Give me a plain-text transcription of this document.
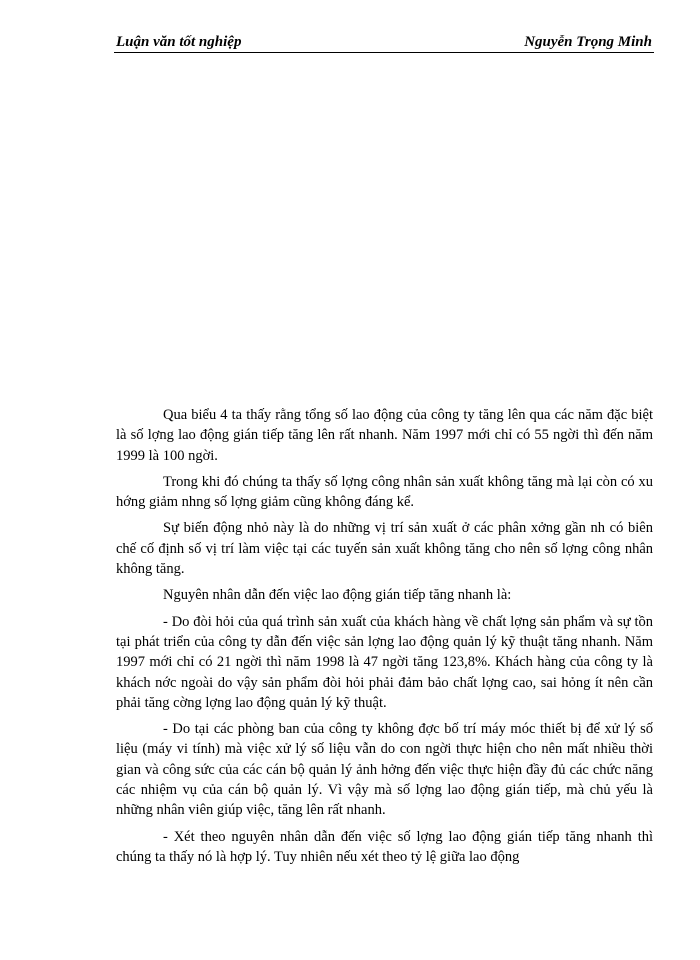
Luận văn tốt nghiệp	Nguyễn Trọng Minh

Qua biểu 4 ta thấy rằng tổng số lao động của công ty tăng lên qua các năm đặc biệt là số lợng lao động gián tiếp tăng lên rất nhanh. Năm 1997 mới chỉ có 55 ngời thì đến năm 1999 là 100 ngời.

Trong khi đó chúng ta thấy số lợng công nhân sản xuất không tăng mà lại còn có xu hớng giảm nhng số lợng giảm cũng không đáng kể.

Sự biến động nhỏ này là do những vị trí sản xuất ở các phân xởng gần nh có biên chế cố định số vị trí làm việc tại các tuyến sản xuất không tăng cho nên số lợng công nhân không tăng.

Nguyên nhân dẫn đến việc lao động gián tiếp tăng nhanh là:

- Do đòi hỏi của quá trình sản xuất của khách hàng về chất lợng sản phẩm và sự tồn tại phát triển của công ty dẫn đến việc sản lợng lao động quản lý kỹ thuật tăng nhanh. Năm 1997 mới chỉ có 21 ngời thì năm 1998 là 47 ngời tăng 123,8%. Khách hàng của công ty là khách nớc ngoài do vậy sản phẩm đòi hỏi phải đảm bảo chất lợng cao, sai hỏng ít nên cần phải tăng cờng lợng lao động quản lý kỹ thuật.

- Do tại các phòng ban của công ty không đợc bố trí máy móc thiết bị để xử lý số liệu (máy vi tính) mà việc xử lý số liệu vẫn do con ngời thực hiện cho nên mất nhiều thời gian và công sức của các cán bộ quản lý ảnh hởng đến việc thực hiện đầy đủ các chức năng các nhiệm vụ của cán bộ quản lý. Vì vậy mà số lợng lao động gián tiếp, mà chủ yếu là những nhân viên giúp việc, tăng lên rất nhanh.

- Xét theo nguyên nhân dẫn đến việc số lợng lao động gián tiếp tăng nhanh thì chúng ta thấy nó là hợp lý. Tuy nhiên nếu xét theo tỷ lệ giữa lao động
